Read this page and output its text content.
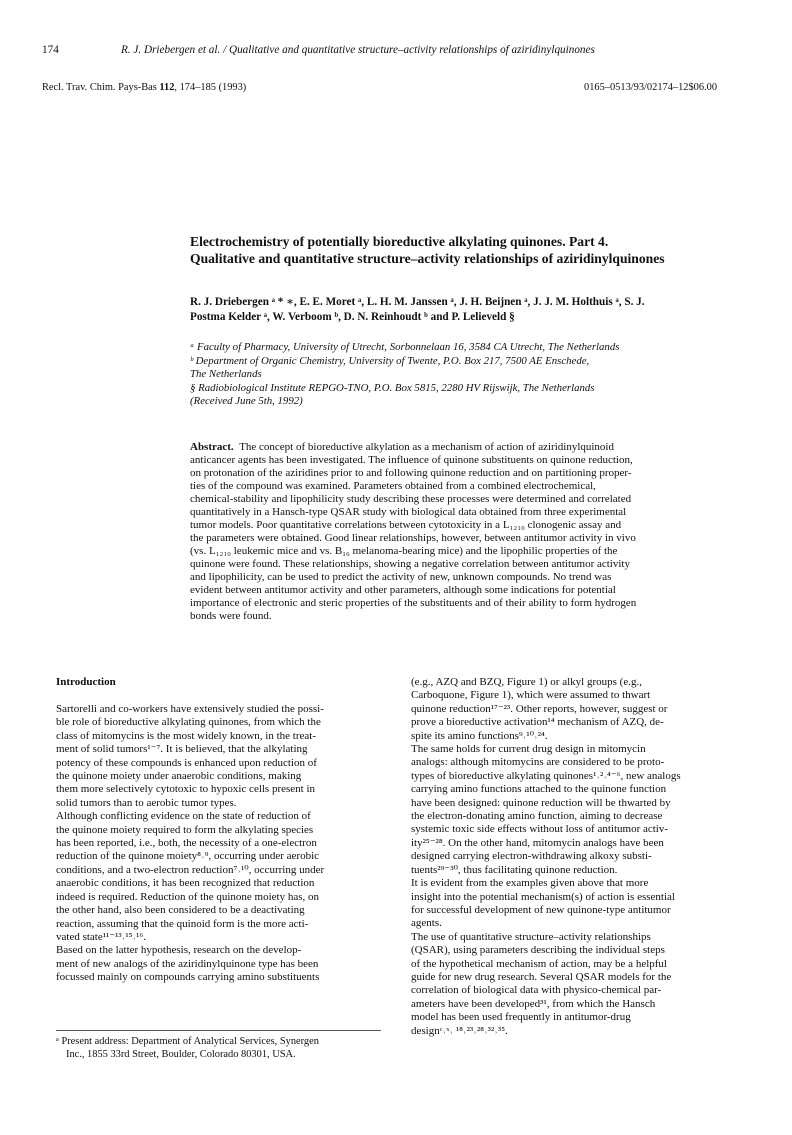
174	R. J. Driebergen et al. / Qualitative and quantitative structure–activity relationships of aziridinylquinones
Recl. Trav. Chim. Pays-Bas 112, 174–185 (1993)	0165–0513/93/02174–12$06.00
Electrochemistry of potentially bioreductive alkylating quinones. Part 4.
Qualitative and quantitative structure–activity relationships of aziridinylquinones
R. J. Driebergen ᵃ * ∗, E. E. Moret ᵃ, L. H. M. Janssen ᵃ, J. H. Beijnen ᵃ, J. J. M. Holthuis ᵃ, S. J.
Postma Kelder ᵃ, W. Verboom ᵇ, D. N. Reinhoudt ᵇ and P. Lelieveld §
ᵃ Faculty of Pharmacy, University of Utrecht, Sorbonnelaan 16, 3584 CA Utrecht, The Netherlands
ᵇ Department of Organic Chemistry, University of Twente, P.O. Box 217, 7500 AE Enschede,
The Netherlands
§ Radiobiological Institute REPGO-TNO, P.O. Box 5815, 2280 HV Rijswijk, The Netherlands
(Received June 5th, 1992)
Abstract. The concept of bioreductive alkylation as a mechanism of action of aziridinylquinoid
anticancer agents has been investigated. The influence of quinone substituents on quinone reduction,
on protonation of the aziridines prior to and following quinone reduction and on partitioning proper-
ties of the compound was examined. Parameters obtained from a combined electrochemical,
chemical-stability and lipophilicity study describing these processes were determined and correlated
quantitatively in a Hansch-type QSAR study with biological data obtained from three experimental
tumor models. Poor quantitative correlations between cytotoxicity in a L₁₂₁₀ clonogenic assay and
the parameters were obtained. Good linear relationships, however, between antitumor activity in vivo
(vs. L₁₂₁₀ leukemic mice and vs. B₁₆ melanoma-bearing mice) and the lipophilic properties of the
quinone were found. These relationships, showing a negative correlation between antitumor activity
and lipophilicity, can be used to predict the activity of new, unknown compounds. No trend was
evident between antitumor activity and other parameters, although some indications for potential
importance of electronic and steric properties of the substituents and of their ability to form hydrogen
bonds were found.
Introduction
Sartorelli and co-workers have extensively studied the possi-
ble role of bioreductive alkylating quinones, from which the
class of mitomycins is the most widely known, in the treat-
ment of solid tumors¹⁻⁷. It is believed, that the alkylating
potency of these compounds is enhanced upon reduction of
the quinone moiety under anaerobic conditions, making
them more selectively cytotoxic to hypoxic cells present in
solid tumors than to aerobic tumor types.
Although conflicting evidence on the state of reduction of
the quinone moiety required to form the alkylating species
has been reported, i.e., both, the necessity of a one-electron
reduction of the quinone moiety⁸˒⁹, occurring under aerobic
conditions, and a two-electron reduction⁷˒¹⁰, occurring under
anaerobic conditions, it has been recognized that reduction
indeed is required. Reduction of the quinone moiety has, on
the other hand, also been considered to be a deactivating
reaction, assuming that the quinoid form is the more acti-
vated state¹¹⁻¹³˒¹⁵˒¹⁶.
Based on the latter hypothesis, research on the develop-
ment of new analogs of the aziridinylquinone type has been
focussed mainly on compounds carrying amino substituents
ᵃ Present address: Department of Analytical Services, Synergen
Inc., 1855 33rd Street, Boulder, Colorado 80301, USA.
(e.g., AZQ and BZQ, Figure 1) or alkyl groups (e.g.,
Carboquone, Figure 1), which were assumed to thwart
quinone reduction¹⁷⁻²³. Other reports, however, suggest or
prove a bioreductive activation¹⁴ mechanism of AZQ, de-
spite its amino functions⁹˒¹⁰˒²⁴.
The same holds for current drug design in mitomycin
analogs: although mitomycins are considered to be proto-
types of bioreductive alkylating quinones¹˒²˒⁴⁻⁶, new analogs
carrying amino functions attached to the quinone function
have been designed: quinone reduction will be thwarted by
the electron-donating amino function, aiming to decrease
systemic toxic side effects without loss of antitumor activ-
ity²⁵⁻²⁸. On the other hand, mitomycin analogs have been
designed carrying electron-withdrawing alkoxy substi-
tuents²⁹⁻³⁰, thus facilitating quinone reduction.
It is evident from the examples given above that more
insight into the potential mechanism(s) of action is essential
for successful development of new quinone-type antitumor
agents.
The use of quantitative structure–activity relationships
(QSAR), using parameters describing the individual steps
of the hypothetical mechanism of action, may be a helpful
guide for new drug research. Several QSAR models for the
correlation of biological data with physico-chemical par-
ameters have been developed³¹, from which the Hansch
model has been used frequently in antitumor-drug
designᶜ˒ˣ˒ ¹⁸˒²³˒²⁸˒³²˒³⁵.
